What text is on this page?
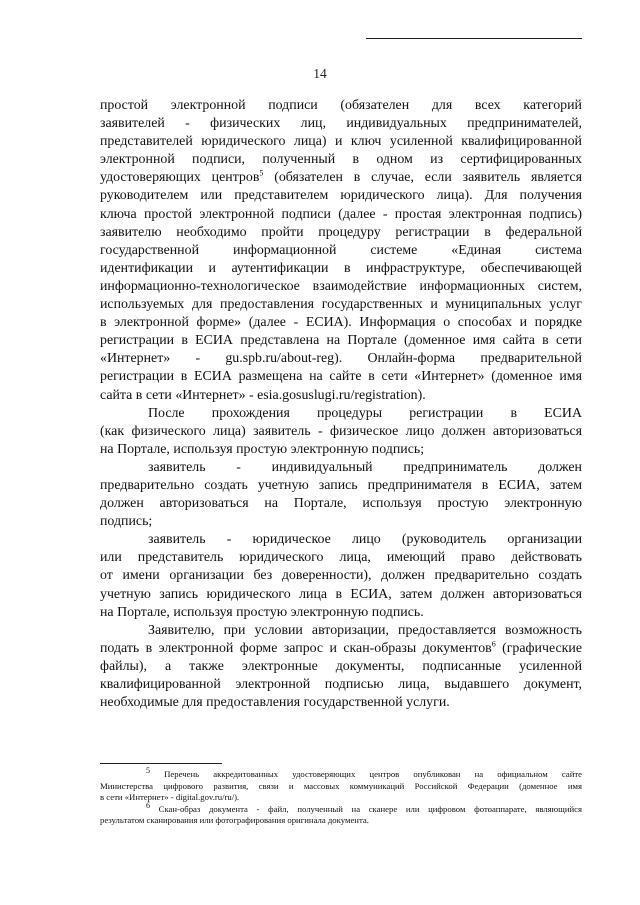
14
простой электронной подписи (обязателен для всех категорий
заявителей - физических лиц, индивидуальных предпринимателей,
представителей юридического лица) и ключ усиленной квалифицированной
электронной подписи, полученный в одном из сертифицированных
удостоверяющих центров$^5$ (обязателен в случае, если заявитель является
руководителем или представителем юридического лица). Для получения
ключа простой электронной подписи (далее - простая электронная подпись)
заявителю необходимо пройти процедуру регистрации в федеральной
государственной информационной системе «Единая система
идентификации и аутентификации в инфраструктуре, обеспечивающей
информационно-технологическое взаимодействие информационных систем,
используемых для предоставления государственных и муниципальных услуг
в электронной форме» (далее - ЕСИА). Информация о способах и порядке
регистрации в ЕСИА представлена на Портале (доменное имя сайта в сети
«Интернет» - gu.spb.ru/about-reg). Онлайн-форма предварительной
регистрации в ЕСИА размещена на сайте в сети «Интернет» (доменное имя
сайта в сети «Интернет» - esia.gosuslugi.ru/registration).
После прохождения процедуры регистрации в ЕСИА
(как физического лица) заявитель - физическое лицо должен авторизоваться
на Портале, используя простую электронную подпись;
заявитель - индивидуальный предприниматель должен
предварительно создать учетную запись предпринимателя в ЕСИА, затем
должен авторизоваться на Портале, используя простую электронную
подпись;
заявитель - юридическое лицо (руководитель организации
или представитель юридического лица, имеющий право действовать
от имени организации без доверенности), должен предварительно создать
учетную запись юридического лица в ЕСИА, затем должен авторизоваться
на Портале, используя простую электронную подпись.
Заявителю, при условии авторизации, предоставляется возможность
подать в электронной форме запрос и скан-образы документов$^6$ (графические
файлы), а также электронные документы, подписанные усиленной
квалифицированной электронной подписью лица, выдавшего документ,
необходимые для предоставления государственной услуги.
$^5$ Перечень аккредитованных удостоверяющих центров опубликован на официальном сайте
Министерства цифрового развития, связи и массовых коммуникаций Российской Федерации (доменное имя
в сети «Интернет» - digital.gov.ru/ru/).
$^6$ Скан-образ документа - файл, полученный на сканере или цифровом фотоаппарате, являющийся
результатом сканирования или фотографирования оригинала документа.
